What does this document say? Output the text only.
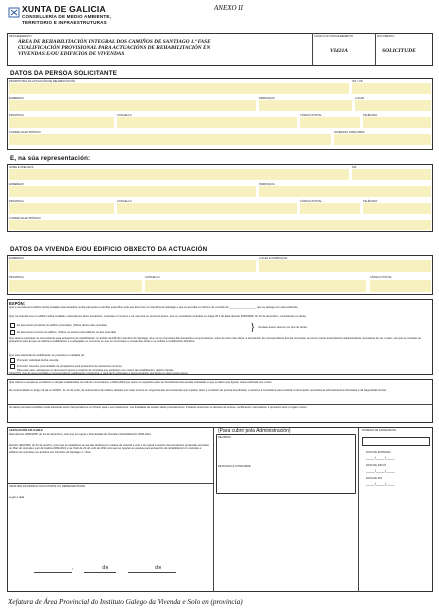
XUNTA DE GALICIA
CONSELLERÍA DE MEDIO AMBIENTE,
TERRITORIO E INFRAESTRUTURAS
ANEXO II
PROCEDEMENTO
ÁREA DE REHABILITACIÓN INTEGRAL DOS CAMIÑOS DE SANTIAGO 1.ª FASE
CUALIFICACIÓN PROVISIONAL PARA ACTUACIÓNS DE REHABILITACIÓN EN
VIVENDAS E/OU EDIFICIOS DE VIVENDAS
CÓDIGO DO PROCEDEMENTO
VI421A
DOCUMENTO
SOLICITUDE
DATOS DA PERSOA SOLICITANTE
PROMOTOR/A DA ACTUACIÓN DE REHABILITACIÓN	NIF / CIF
ENDEREZO	PARROQUIA	LUGAR
PROVINCIA	CONCELLO	CÓDIGO POSTAL	TELÉFONO
CORREO ELECTRÓNICO	INGRESOS FAMILIARES
E, na súa representación:
NOME E APELIDOS	NIF
ENDEREZO	PARROQUIA
PROVINCIA	CONCELLO	CÓDIGO POSTAL	TELÉFONO
CORREO ELECTRÓNICO
DATOS DA VIVENDA E/OU EDIFICIO OBXECTO DA ACTUACIÓN
ENDEREZO	LUGAR E PARROQUIA
PROVINCIA	CONCELLO	CÓDIGO POSTAL
EXPÓN:
Que a vivenda e/ou edificio arriba sinalado está situado/a nunha parroquia ou ámbito específico polo que discorren os Camiños de Santiago e que se acredita co informe do concello de __________________ que se achega con esta solicitude.
Que na vivenda e/ou no edificio arriba sinalado, pretendemos facer actuacións, expostas no resumo e na memoria ou proxecto anexo, que se consideran incluídas no artigo 45.2 do Real decreto 2066/2008, do 12 de decembro, consistentes en obras:
En elementos privativos do edificio (vivendas). (Obras dentro das vivendas)
En elementos comúns do edificio. (Obras no exterior dos edificios ou das vivendas)	} Xuntase anexo-resumo por tipo de obras.
Que desexo participar na convocatoria para actuacións de rehabilitación no ámbito da ARI dos Camiños de Santiago. Que como promotora das actuacións comprométome, antes do inicio das obras, á tramitación da correspondente licenza municipal, así como outras autorizacións administrativas necesarias de ser o caso, nas que se incluirán as actuacións para as que se solicita a cualificación e a achegalas no momento en que se comunique o remate das obras e se solicite a cualificación definitiva.
Que esta solicitude de cualificación se presenta en calidade de:
Promotor individual dunha vivenda.
Promotor colectivo (comunidade de propietarios para actuacións de elementos comúns).
Para este caso, achéguese en documento anexo a relación de vivendas que participan nos custes da rehabilitación, destino destas.
SOLICITA: que lle sexa expedida a correspondente cualificación provisional, e para tal fin achégase a documentación que figura en documento anexo.
Que coñece e acepta as condicións e obrigas establecidas na orde de convocatoria, e DECLARA que reúne os requisitos para ser beneficiaria das axudas solicitadas e que os datos que figuran nesta solicitude son certos.
De conformidade co artigo 13 da Lei 9/2007, do 13 de xuño, de subvencións de Galicia, declara non estar incursa en ningunha das circunstancias que impiden obter a condición de persoa beneficiaria, e autoriza á Consellería para solicitar a información necesaria ás administracións tributarias e da Seguridade Social.
Os datos persoais recollidos nesta solicitude serán incorporados a un ficheiro para o seu tratamento, coa finalidade da xestión deste procedemento. Poderán exercerse os dereitos de acceso, rectificación, cancelación e oposición ante o órgano xestor.
LEXISLACIÓN APLICABLE
Real decreto 2066/2008, do 12 de decembro, polo que se regula o Plan Estatal de Vivenda e Rehabilitación 2009-2012.
Decreto 402/2009, do 22 de outubro, polo que se establecen as axudas públicas en materia de vivenda e solo e se regula a xestión das actuacións protexidas previstas no Plan de vivenda e solo de Galicia 2009-2012 e na Orde de 24 de xullo de 2011 polo que se regulan as axudas para actuacións de rehabilitación en vivendas e edificios de vivendas nos ámbitos dos Camiños de Santiago 1.ª fase.
SINATURA DA PERSOA SOLICITANTE OU REPRESENTANTE
Lugar e data
,                de                          de
(Para cubrir pola Administración)
RECIBIDO
REVISADO E CONFORME
NÚMERO DE EXPEDIENTE
DATA DE ENTRADA
____/____/____
DATA DE INICIO
____/____/____
DATA DE FIN
____/____/____
Xefatura de Área Provincial do Instituto Galego da Vivenda e Solo en (provincia)
